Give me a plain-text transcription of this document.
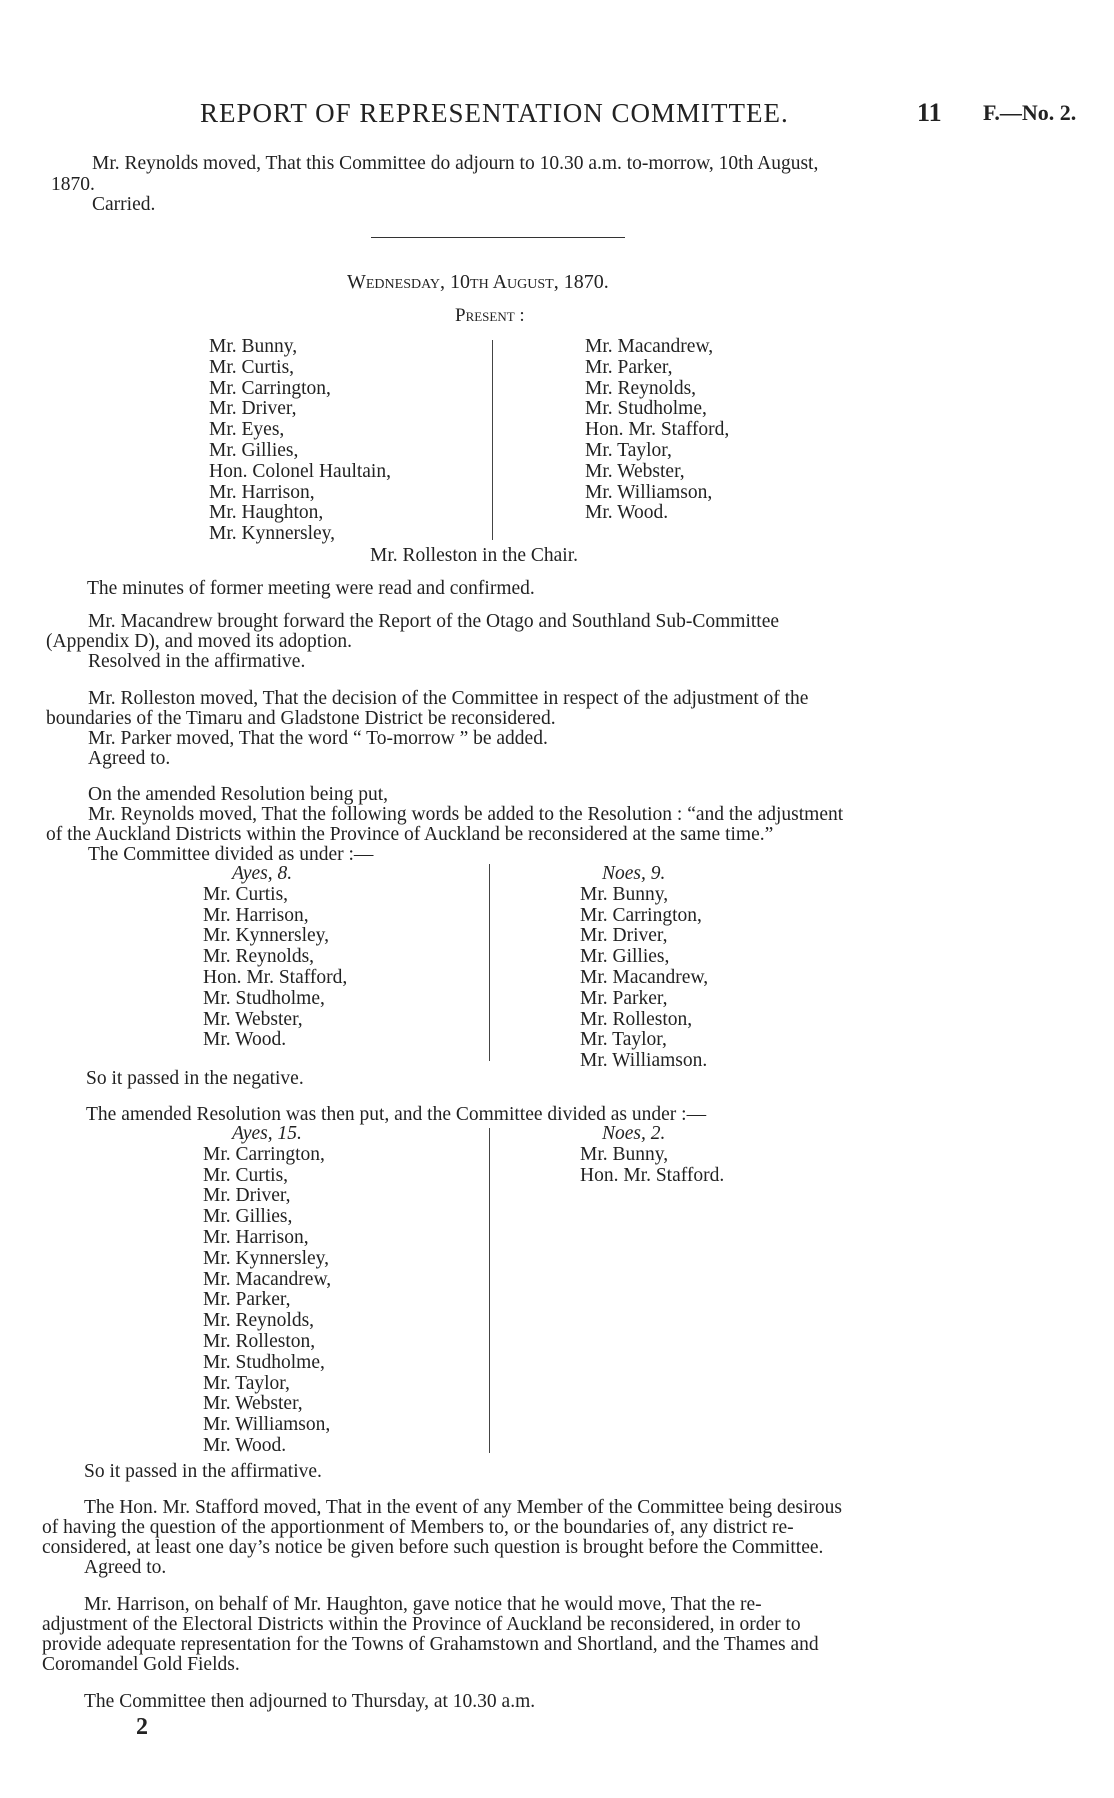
REPORT OF REPRESENTATION COMMITTEE.	11 F.—No. 2.
Mr. Reynolds moved, That this Committee do adjourn to 10.30 a.m. to-morrow, 10th August,
1870.
Carried.
Wednesday, 10th August, 1870.
Present :
Mr. Bunny,
Mr. Curtis,
Mr. Carrington,
Mr. Driver,
Mr. Eyes,
Mr. Gillies,
Hon. Colonel Haultain,
Mr. Harrison,
Mr. Haughton,
Mr. Kynnersley,
Mr. Macandrew,
Mr. Parker,
Mr. Reynolds,
Mr. Studholme,
Hon. Mr. Stafford,
Mr. Taylor,
Mr. Webster,
Mr. Williamson,
Mr. Wood.
Mr. Rolleston in the Chair.
The minutes of former meeting were read and confirmed.
Mr. Macandrew brought forward the Report of the Otago and Southland Sub-Committee
(Appendix D), and moved its adoption.
Resolved in the affirmative.
Mr. Rolleston moved, That the decision of the Committee in respect of the adjustment of the
boundaries of the Timaru and Gladstone District be reconsidered.
Mr. Parker moved, That the word “ To-morrow ” be added.
Agreed to.
On the amended Resolution being put,
Mr. Reynolds moved, That the following words be added to the Resolution : “and the adjustment
of the Auckland Districts within the Province of Auckland be reconsidered at the same time.”
The Committee divided as under :—
Ayes, 8.
Mr. Curtis,
Mr. Harrison,
Mr. Kynnersley,
Mr. Reynolds,
Hon. Mr. Stafford,
Mr. Studholme,
Mr. Webster,
Mr. Wood.
Noes, 9.
Mr. Bunny,
Mr. Carrington,
Mr. Driver,
Mr. Gillies,
Mr. Macandrew,
Mr. Parker,
Mr. Rolleston,
Mr. Taylor,
Mr. Williamson.
So it passed in the negative.
The amended Resolution was then put, and the Committee divided as under :—
Ayes, 15.
Mr. Carrington,
Mr. Curtis,
Mr. Driver,
Mr. Gillies,
Mr. Harrison,
Mr. Kynnersley,
Mr. Macandrew,
Mr. Parker,
Mr. Reynolds,
Mr. Rolleston,
Mr. Studholme,
Mr. Taylor,
Mr. Webster,
Mr. Williamson,
Mr. Wood.
Noes, 2.
Mr. Bunny,
Hon. Mr. Stafford.
So it passed in the affirmative.
The Hon. Mr. Stafford moved, That in the event of any Member of the Committee being desirous
of having the question of the apportionment of Members to, or the boundaries of, any district re-
considered, at least one day’s notice be given before such question is brought before the Committee.
Agreed to.
Mr. Harrison, on behalf of Mr. Haughton, gave notice that he would move, That the re-
adjustment of the Electoral Districts within the Province of Auckland be reconsidered, in order to
provide adequate representation for the Towns of Grahamstown and Shortland, and the Thames and
Coromandel Gold Fields.
The Committee then adjourned to Thursday, at 10.30 a.m.
2
